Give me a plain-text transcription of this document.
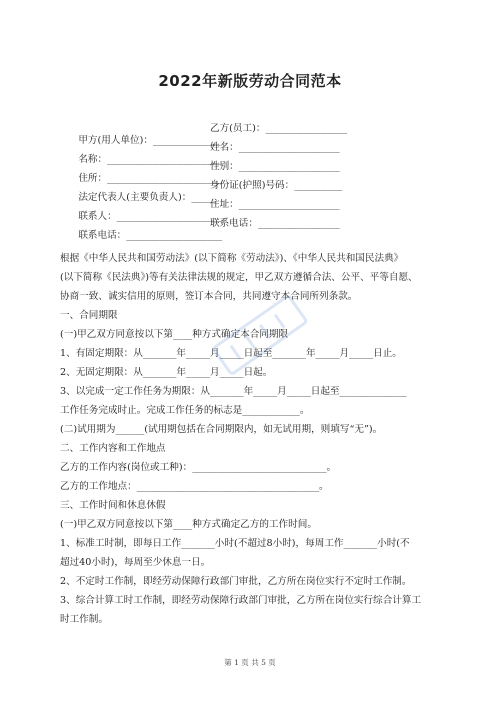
2022年新版劳动合同范本

甲方(用人单位)：______________
乙方(员工)：_________________

名称：________________________
姓名：_____________________

住所：________________________
性别：_____________________

法定代表人(主要负责人)：_____
身份证(护照)号码：__________

联系人：______________________
住址：_____________________

联系电话：____________________
联系电话：_________________

根据《中华人民共和国劳动法》(以下简称《劳动法》)、《中华人民共和国民法典》
(以下简称《民法典》)等有关法律法规的规定，甲乙双方遵循合法、公平、平等自愿、
协商一致、诚实信用的原则，签订本合同，共同遵守本合同所列条款。
一、合同期限
(一)甲乙双方同意按以下第____种方式确定本合同期限
1、有固定期限：从_______年_____月_____日起至_______年_____月_____日止。
2、无固定期限：从_______年_____月_____日起。
3、以完成一定工作任务为期限：从_______年_____月_____日起至______________
工作任务完成时止。完成工作任务的标志是____________。
(二)试用期为______(试用期包括在合同期限内，如无试用期，则填写“无”)。
二、工作内容和工作地点
乙方的工作内容(岗位或工种)：____________________________。
乙方的工作地点：______________________________________。
三、工作时间和休息休假
(一)甲乙双方同意按以下第____种方式确定乙方的工作时间。
1、标准工时制，即每日工作_______小时(不超过8小时)，每周工作_______小时(不
超过40小时)，每周至少休息一日。
2、不定时工作制，即经劳动保障行政部门审批，乙方所在岗位实行不定时工作制。
3、综合计算工时工作制，即经劳动保障行政部门审批，乙方所在岗位实行综合计算工
时工作制。
第 1 页 共 5 页
